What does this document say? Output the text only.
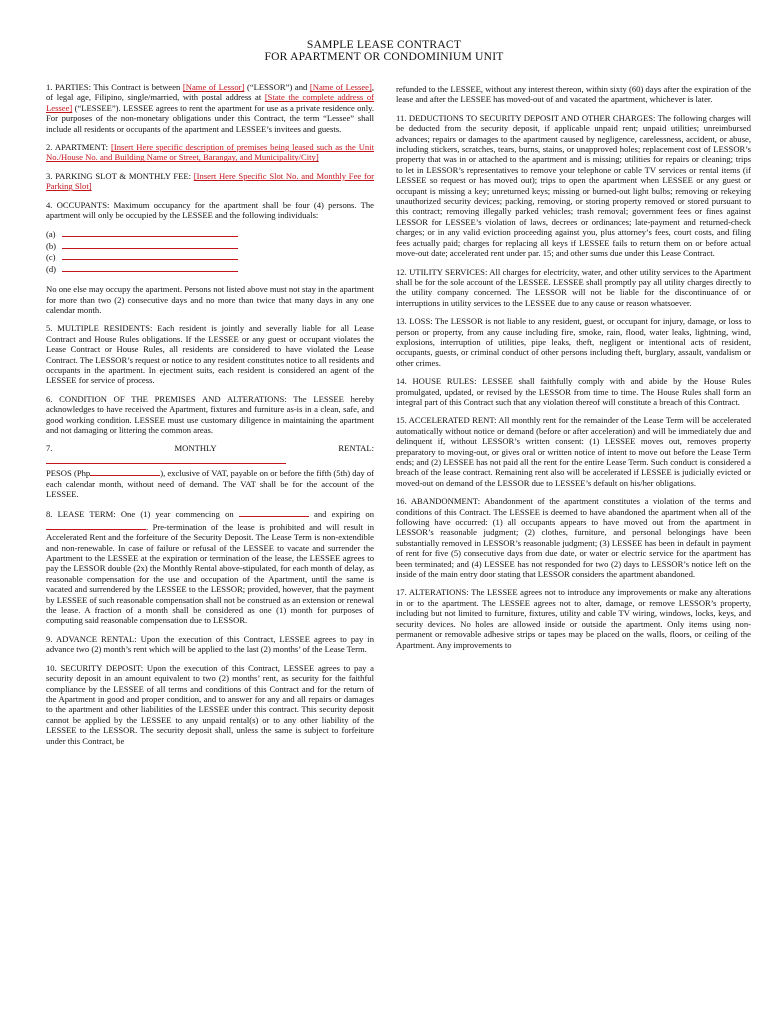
SAMPLE LEASE CONTRACT
FOR APARTMENT OR CONDOMINIUM UNIT

1. PARTIES: This Contract is between [Name of Lessor] (“LESSOR”) and [Name of Lessee], of legal age, Filipino, single/married, with postal address at [State the complete address of Lessee] (“LESSEE”). LESSEE agrees to rent the apartment for use as a private residence only. For purposes of the non-monetary obligations under this Contract, the term “Lessee” shall include all residents or occupants of the apartment and LESSEE’s invitees and guests.

2. APARTMENT: [Insert Here specific description of premises being leased such as the Unit No./House No. and Building Name or Street, Barangay, and Municipality/City]

3. PARKING SLOT & MONTHLY FEE: [Insert Here Specific Slot No. and Monthly Fee for Parking Slot]

4. OCCUPANTS: Maximum occupancy for the apartment shall be four (4) persons. The apartment will only be occupied by the LESSEE and the following individuals:

(a)
(b)
(c)
(d)

No one else may occupy the apartment. Persons not listed above must not stay in the apartment for more than two (2) consecutive days and no more than twice that many days in any one calendar month.

5. MULTIPLE RESIDENTS: Each resident is jointly and severally liable for all Lease Contract and House Rules obligations. If the LESSEE or any guest or occupant violates the Lease Contract or House Rules, all residents are considered to have violated the Lease Contract. The LESSOR’s request or notice to any resident constitutes notice to all residents and occupants in the apartment. In ejectment suits, each resident is considered an agent of the LESSEE for service of process.

6. CONDITION OF THE PREMISES AND ALTERATIONS: The LESSEE hereby acknowledges to have received the Apartment, fixtures and furniture as-is in a clean, safe, and good working condition. LESSEE must use customary diligence in maintaining the apartment and not damaging or littering the common areas.

7. MONTHLY RENTAL:
PESOS (Php	), exclusive of VAT, payable on or before the fifth (5th) day of each calendar month, without need of demand. The VAT shall be for the account of the LESSEE.

8. LEASE TERM: One (1) year commencing on	and expiring on . Pre-termination of the lease is prohibited and will result in Accelerated Rent and the forfeiture of the Security Deposit. The Lease Term is non-extendible and non-renewable. In case of failure or refusal of the LESSEE to vacate and surrender the Apartment to the LESSEE at the expiration or termination of the lease, the LESSEE agrees to pay the LESSOR double (2x) the Monthly Rental above-stipulated, for each month of delay, as reasonable compensation for the use and occupation of the Apartment, until the same is vacated and surrendered by the LESSEE to the LESSOR; provided, however, that the payment by LESSEE of such reasonable compensation shall not be construed as an extension or renewal the lease. A fraction of a month shall be considered as one (1) month for purposes of computing said reasonable compensation due to LESSOR.

9. ADVANCE RENTAL: Upon the execution of this Contract, LESSEE agrees to pay in advance two (2) month’s rent which will be applied to the last (2) months’ of the Lease Term.

10. SECURITY DEPOSIT: Upon the execution of this Contract, LESSEE agrees to pay a security deposit in an amount equivalent to two (2) months’ rent, as security for the faithful compliance by the LESSEE of all terms and conditions of this Contract and for the return of the Apartment in good and proper condition, and to answer for any and all repairs or damages to the apartment and other liabilities of the LESSEE under this contract. This security deposit cannot be applied by the LESSEE to any unpaid rental(s) or to any other liability of the LESSEE to the LESSOR. The security deposit shall, unless the same is subject to forfeiture under this Contract, be

refunded to the LESSEE, without any interest thereon, within sixty (60) days after the expiration of the lease and after the LESSEE has moved-out of and vacated the apartment, whichever is later.

11. DEDUCTIONS TO SECURITY DEPOSIT AND OTHER CHARGES: The following charges will be deducted from the security deposit, if applicable unpaid rent; unpaid utilities; unreimbursed advances; repairs or damages to the apartment caused by negligence, carelessness, accident, or abuse, including stickers, scratches, tears, burns, stains, or unapproved holes; replacement cost of LESSOR’s property that was in or attached to the apartment and is missing; utilities for repairs or cleaning; trips to let in LESSOR’s representatives to remove your telephone or cable TV services or rental items (if LESSEE so request or has moved out); trips to open the apartment when LESSEE or any guest or occupant is missing a key; unreturned keys; missing or burned-out light bulbs; removing or rekeying unauthorized security devices; packing, removing, or storing property removed or stored pursuant to this contract; removing illegally parked vehicles; trash removal; government fees or fines against LESSOR for LESSEE’s violation of laws, decrees or ordinances; late-payment and returned-check charges; or in any valid eviction proceeding against you, plus attorney’s fees, court costs, and filing fees actually paid; charges for replacing all keys if LESSEE fails to return them on or before actual move-out date; accelerated rent under par. 15; and other sums due under this Lease Contract.

12. UTILITY SERVICES: All charges for electricity, water, and other utility services to the Apartment shall be for the sole account of the LESSEE. LESSEE shall promptly pay all utility charges directly to the utility company concerned. The LESSOR will not be liable for the discontinuance of or interruptions in utility services to the LESSEE due to any cause or reason whatsoever.

13. LOSS: The LESSOR is not liable to any resident, guest, or occupant for injury, damage, or loss to person or property, from any cause including fire, smoke, rain, flood, water leaks, lightning, wind, explosions, interruption of utilities, pipe leaks, theft, negligent or intentional acts of resident, occupants, guests, or criminal conduct of other persons including theft, burglary, assault, vandalism or other crimes.

14. HOUSE RULES: LESSEE shall faithfully comply with and abide by the House Rules promulgated, updated, or revised by the LESSOR from time to time. The House Rules shall form an integral part of this Contract such that any violation thereof will constitute a breach of this Contract.

15. ACCELERATED RENT: All monthly rent for the remainder of the Lease Term will be accelerated automatically without notice or demand (before or after acceleration) and will be immediately due and delinquent if, without LESSOR’s written consent: (1) LESSEE moves out, removes property preparatory to moving-out, or gives oral or written notice of intent to move out before the Lease Term ends; and (2) LESSEE has not paid all the rent for the entire Lease Term. Such conduct is considered a breach of the lease contract. Remaining rent also will be accelerated if LESSEE is judicially evicted or moved-out on demand of the LESSOR due to LESSEE’s default on his/her obligations.

16. ABANDONMENT: Abandonment of the apartment constitutes a violation of the terms and conditions of this Contract. The LESSEE is deemed to have abandoned the apartment when all of the following have occurred: (1) all occupants appears to have moved out from the apartment in LESSOR’s reasonable judgment; (2) clothes, furniture, and personal belongings have been substantially removed in LESSOR’s reasonable judgment; (3) LESSEE has been in default in payment of rent for five (5) consecutive days from due date, or water or electric service for the apartment has been terminated; and (4) LESSEE has not responded for two (2) days to LESSOR’s notice left on the inside of the main entry door stating that LESSOR considers the apartment abandoned.

17. ALTERATIONS: The LESSEE agrees not to introduce any improvements or make any alterations in or to the apartment. The LESSEE agrees not to alter, damage, or remove LESSOR’s property, including but not limited to furniture, fixtures, utility and cable TV wiring, windows, locks, keys, and security devices. No holes are allowed inside or outside the apartment. Only items using non-permanent or removable adhesive strips or tapes may be placed on the walls, floors, or ceiling of the Apartment. Any improvements to
